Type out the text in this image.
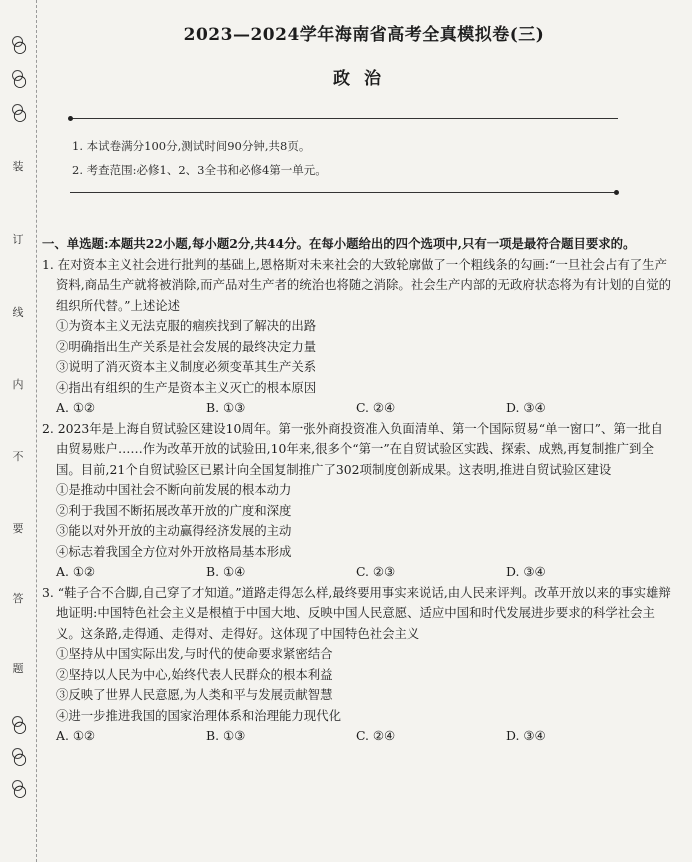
○
○
○
装
订
线
内
不
要
答
题
○
○
○
2023—2024学年海南省高考全真模拟卷(三)
政治
1. 本试卷满分100分,测试时间90分钟,共8页。
2. 考查范围:必修1、2、3全书和必修4第一单元。
一、单选题:本题共22小题,每小题2分,共44分。在每小题给出的四个选项中,只有一项是最符合题目要求的。
1. 在对资本主义社会进行批判的基础上,恩格斯对未来社会的大致轮廓做了一个粗线条的勾画:“一旦社会占有了生产资料,商品生产就将被消除,而产品对生产者的统治也将随之消除。社会生产内部的无政府状态将为有计划的自觉的组织所代替。”上述论述
①为资本主义无法克服的痼疾找到了解决的出路
②明确指出生产关系是社会发展的最终决定力量
③说明了消灭资本主义制度必须变革其生产关系
④指出有组织的生产是资本主义灭亡的根本原因
A. ①②	B. ①③	C. ②④	D. ③④
2. 2023年是上海自贸试验区建设10周年。第一张外商投资准入负面清单、第一个国际贸易“单一窗口”、第一批自由贸易账户……作为改革开放的试验田,10年来,很多个“第一”在自贸试验区实践、探索、成熟,再复制推广到全国。目前,21个自贸试验区已累计向全国复制推广了302项制度创新成果。这表明,推进自贸试验区建设
①是推动中国社会不断向前发展的根本动力
②利于我国不断拓展改革开放的广度和深度
③能以对外开放的主动赢得经济发展的主动
④标志着我国全方位对外开放格局基本形成
A. ①②	B. ①④	C. ②③	D. ③④
3. “鞋子合不合脚,自己穿了才知道。”道路走得怎么样,最终要用事实来说话,由人民来评判。改革开放以来的事实雄辩地证明:中国特色社会主义是根植于中国大地、反映中国人民意愿、适应中国和时代发展进步要求的科学社会主义。这条路,走得通、走得对、走得好。这体现了中国特色社会主义
①坚持从中国实际出发,与时代的使命要求紧密结合
②坚持以人民为中心,始终代表人民群众的根本利益
③反映了世界人民意愿,为人类和平与发展贡献智慧
④进一步推进我国的国家治理体系和治理能力现代化
A. ①②	B. ①③	C. ②④	D. ③④
